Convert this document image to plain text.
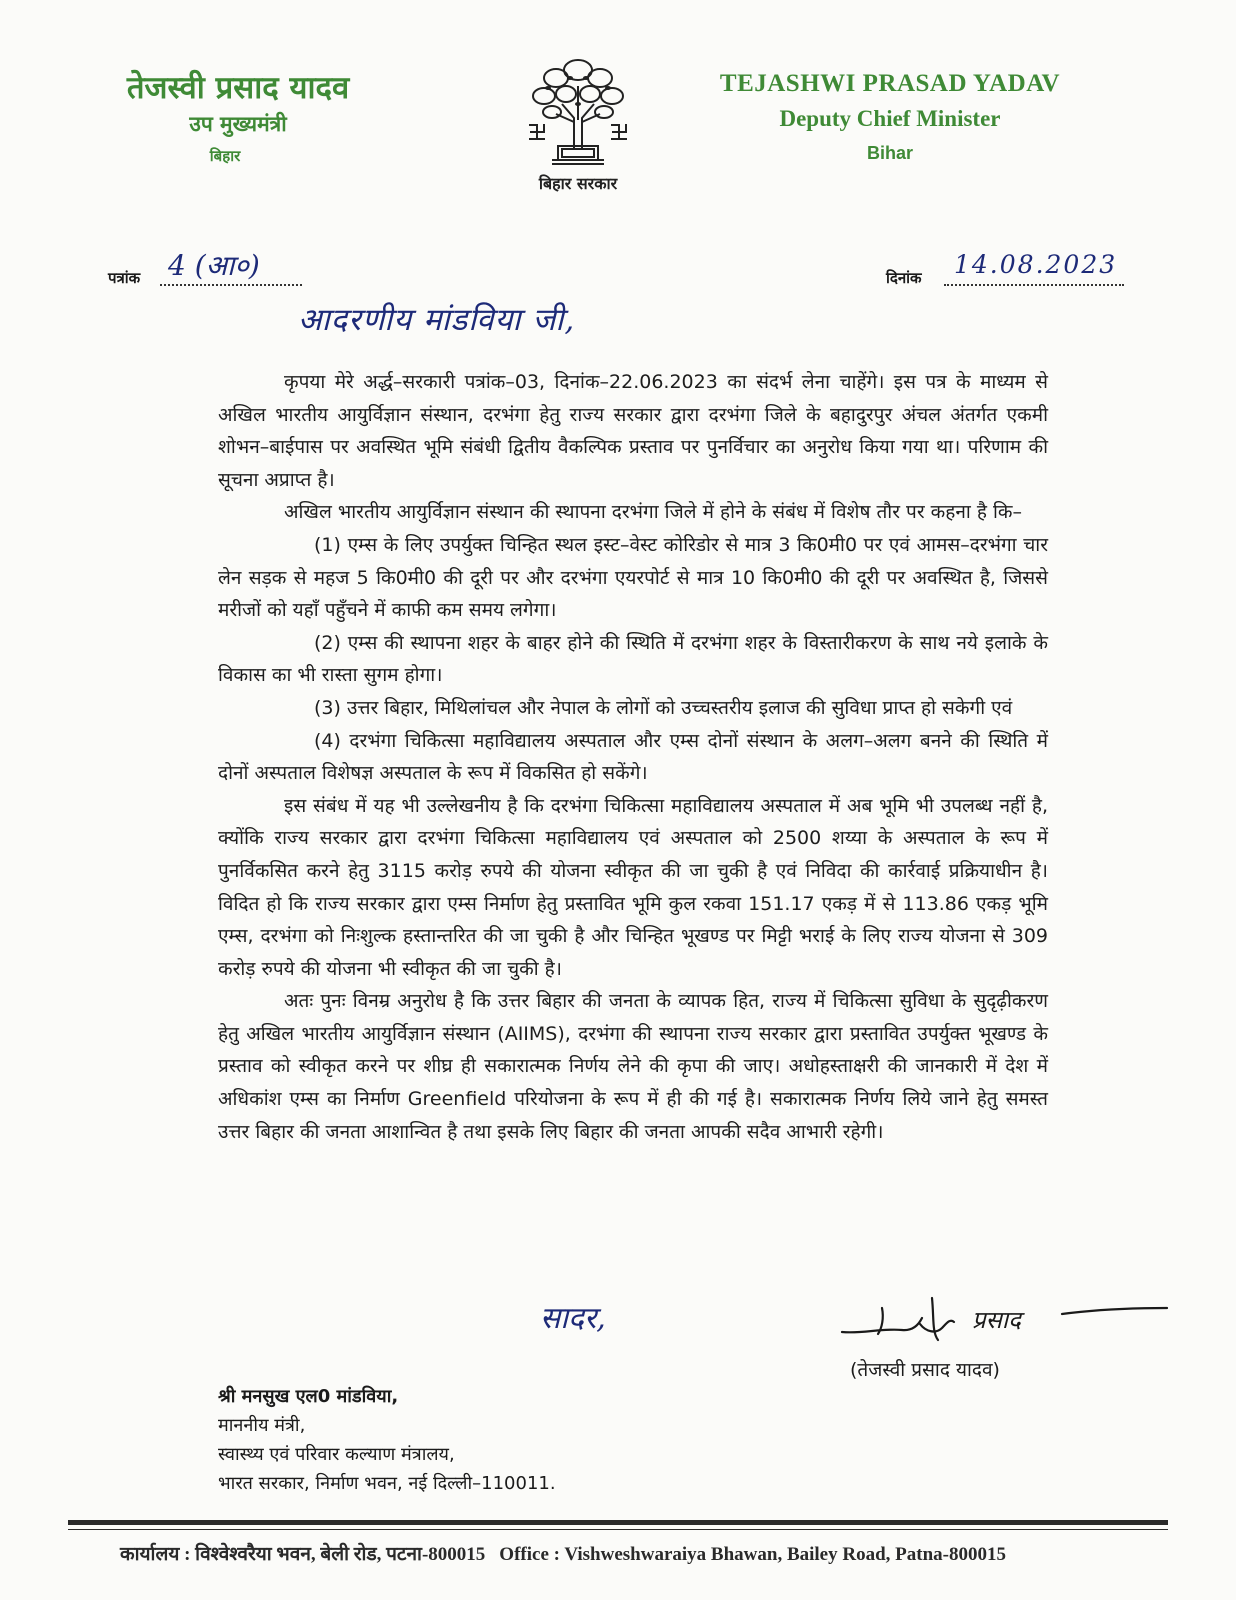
तेजस्वी प्रसाद यादव
उप मुख्यमंत्री
बिहार
बिहार सरकार
TEJASHWI PRASAD YADAV
Deputy Chief Minister
Bihar
पत्रांक 4 (आ०)	दिनांक 14.08.2023
आदरणीय मांडविया जी,

कृपया मेरे अर्द्ध–सरकारी पत्रांक–03, दिनांक–22.06.2023 का संदर्भ लेना चाहेंगे। इस पत्र के माध्यम से अखिल भारतीय आयुर्विज्ञान संस्थान, दरभंगा हेतु राज्य सरकार द्वारा दरभंगा जिले के बहादुरपुर अंचल अंतर्गत एकमी शोभन–बाईपास पर अवस्थित भूमि संबंधी द्वितीय वैकल्पिक प्रस्ताव पर पुनर्विचार का अनुरोध किया गया था। परिणाम की सूचना अप्राप्त है।

अखिल भारतीय आयुर्विज्ञान संस्थान की स्थापना दरभंगा जिले में होने के संबंध में विशेष तौर पर कहना है कि–

(1) एम्स के लिए उपर्युक्त चिन्हित स्थल इस्ट–वेस्ट कोरिडोर से मात्र 3 कि0मी0 पर एवं आमस–दरभंगा चार लेन सड़क से महज 5 कि0मी0 की दूरी पर और दरभंगा एयरपोर्ट से मात्र 10 कि0मी0 की दूरी पर अवस्थित है, जिससे मरीजों को यहाँ पहुँचने में काफी कम समय लगेगा।

(2) एम्स की स्थापना शहर के बाहर होने की स्थिति में दरभंगा शहर के विस्तारीकरण के साथ नये इलाके के विकास का भी रास्ता सुगम होगा।

(3) उत्तर बिहार, मिथिलांचल और नेपाल के लोगों को उच्चस्तरीय इलाज की सुविधा प्राप्त हो सकेगी एवं

(4) दरभंगा चिकित्सा महाविद्यालय अस्पताल और एम्स दोनों संस्थान के अलग–अलग बनने की स्थिति में दोनों अस्पताल विशेषज्ञ अस्पताल के रूप में विकसित हो सकेंगे।

इस संबंध में यह भी उल्लेखनीय है कि दरभंगा चिकित्सा महाविद्यालय अस्पताल में अब भूमि भी उपलब्ध नहीं है, क्योंकि राज्य सरकार द्वारा दरभंगा चिकित्सा महाविद्यालय एवं अस्पताल को 2500 शय्या के अस्पताल के रूप में पुनर्विकसित करने हेतु 3115 करोड़ रुपये की योजना स्वीकृत की जा चुकी है एवं निविदा की कार्रवाई प्रक्रियाधीन है। विदित हो कि राज्य सरकार द्वारा एम्स निर्माण हेतु प्रस्तावित भूमि कुल रकवा 151.17 एकड़ में से 113.86 एकड़ भूमि एम्स, दरभंगा को निःशुल्क हस्तान्तरित की जा चुकी है और चिन्हित भूखण्ड पर मिट्टी भराई के लिए राज्य योजना से 309 करोड़ रुपये की योजना भी स्वीकृत की जा चुकी है।

अतः पुनः विनम्र अनुरोध है कि उत्तर बिहार की जनता के व्यापक हित, राज्य में चिकित्सा सुविधा के सुदृढ़ीकरण हेतु अखिल भारतीय आयुर्विज्ञान संस्थान (AIIMS), दरभंगा की स्थापना राज्य सरकार द्वारा प्रस्तावित उपर्युक्त भूखण्ड के प्रस्ताव को स्वीकृत करने पर शीघ्र ही सकारात्मक निर्णय लेने की कृपा की जाए। अधोहस्ताक्षरी की जानकारी में देश में अधिकांश एम्स का निर्माण Greenfield परियोजना के रूप में ही की गई है। सकारात्मक निर्णय लिये जाने हेतु समस्त उत्तर बिहार की जनता आशान्वित है तथा इसके लिए बिहार की जनता आपकी सदैव आभारी रहेगी।

सादर,	प्रसाद
(तेजस्वी प्रसाद यादव)
श्री मनसुख एल0 मांडविया,
माननीय मंत्री,
स्वास्थ्य एवं परिवार कल्याण मंत्रालय,
भारत सरकार, निर्माण भवन, नई दिल्ली–110011.
कार्यालय : विश्वेश्वरैया भवन, बेली रोड, पटना-800015 Office : Vishweshwaraiya Bhawan, Bailey Road, Patna-800015
